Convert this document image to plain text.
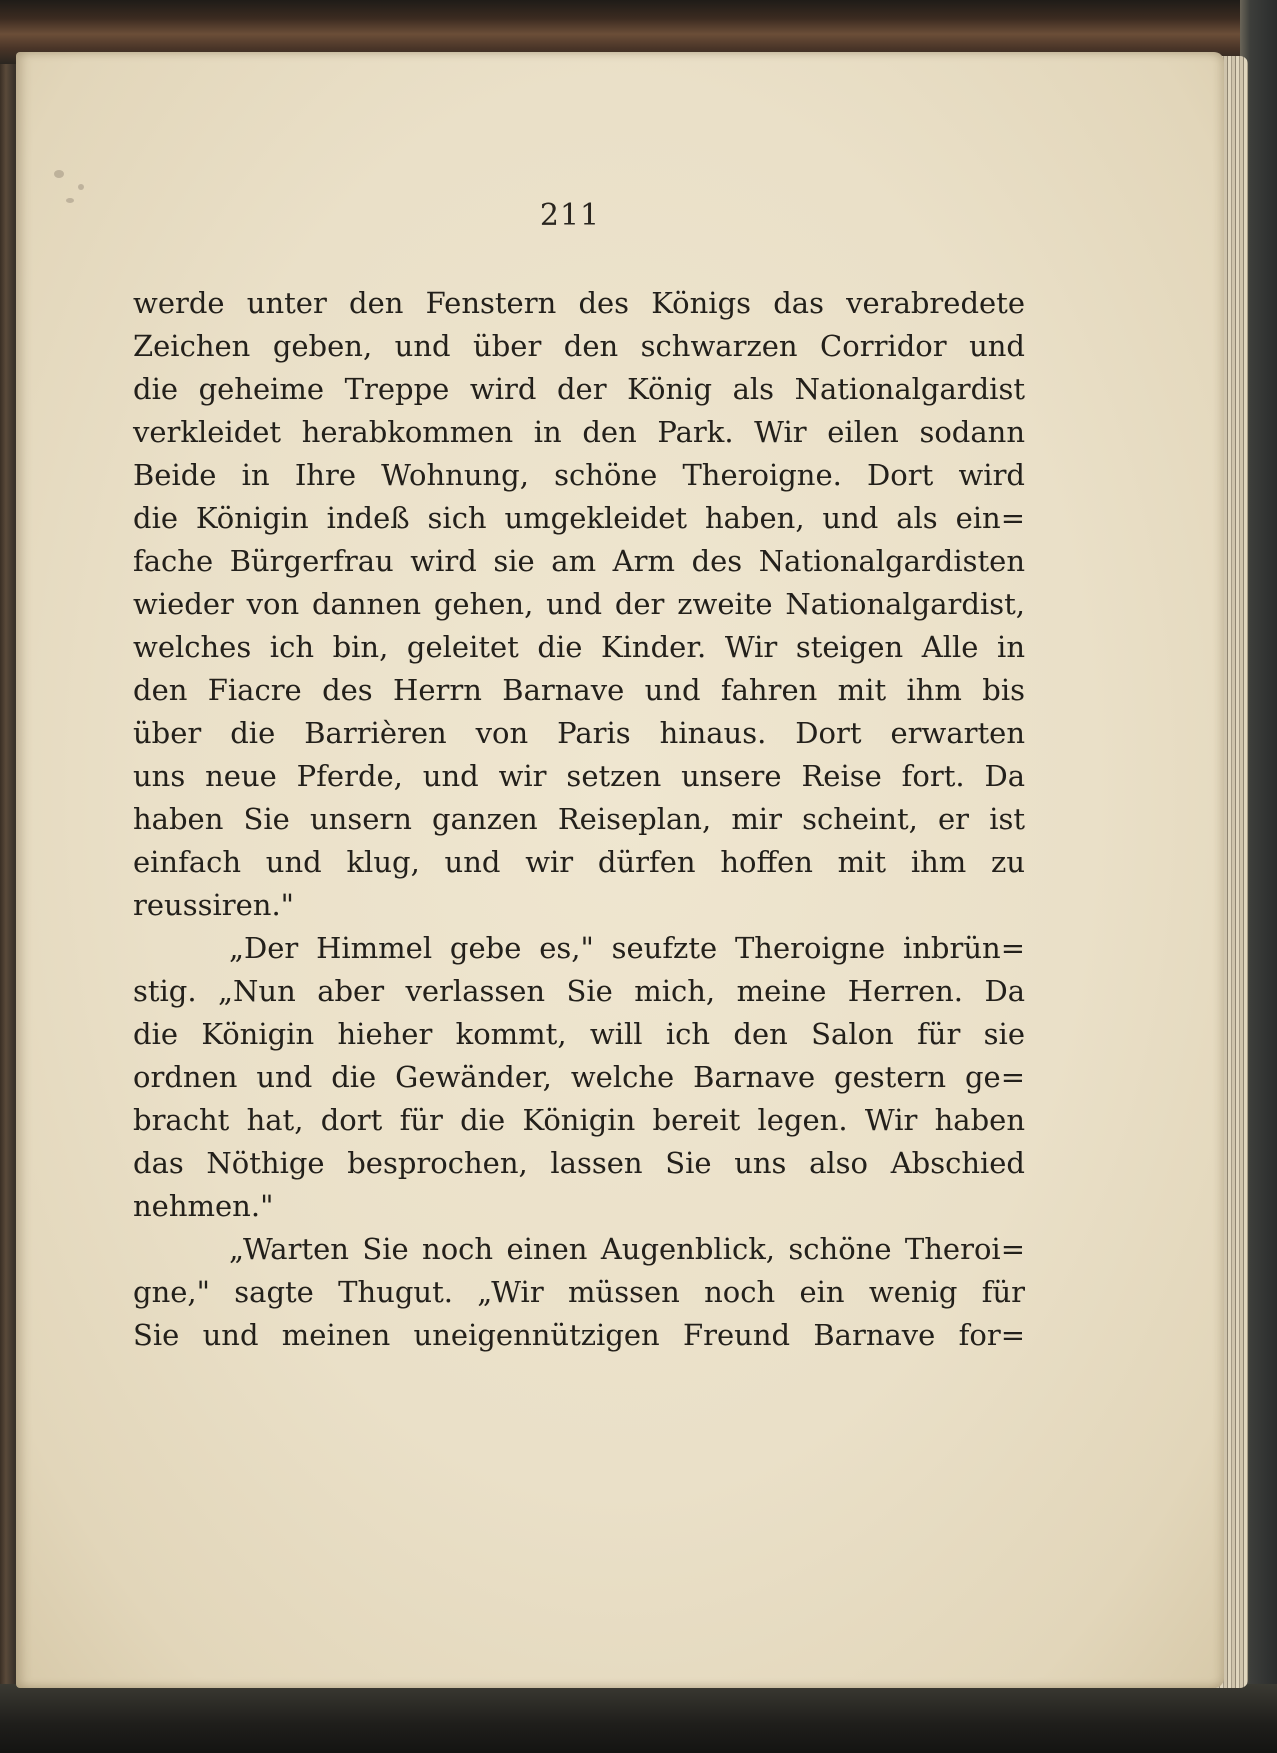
211
werde unter den Fenstern des Königs das verabredete
Zeichen geben, und über den schwarzen Corridor und
die geheime Treppe wird der König als Nationalgardist
verkleidet herabkommen in den Park. Wir eilen sodann
Beide in Ihre Wohnung, schöne Theroigne. Dort wird
die Königin indeß sich umgekleidet haben, und als ein=
fache Bürgerfrau wird sie am Arm des Nationalgardisten
wieder von dannen gehen, und der zweite Nationalgardist,
welches ich bin, geleitet die Kinder. Wir steigen Alle in
den Fiacre des Herrn Barnave und fahren mit ihm bis
über die Barrièren von Paris hinaus. Dort erwarten
uns neue Pferde, und wir setzen unsere Reise fort. Da
haben Sie unsern ganzen Reiseplan, mir scheint, er ist
einfach und klug, und wir dürfen hoffen mit ihm zu
reussiren."
„Der Himmel gebe es," seufzte Theroigne inbrün=
stig. „Nun aber verlassen Sie mich, meine Herren. Da
die Königin hieher kommt, will ich den Salon für sie
ordnen und die Gewänder, welche Barnave gestern ge=
bracht hat, dort für die Königin bereit legen. Wir haben
das Nöthige besprochen, lassen Sie uns also Abschied
nehmen."
„Warten Sie noch einen Augenblick, schöne Theroi=
gne," sagte Thugut. „Wir müssen noch ein wenig für
Sie und meinen uneigennützigen Freund Barnave for=
